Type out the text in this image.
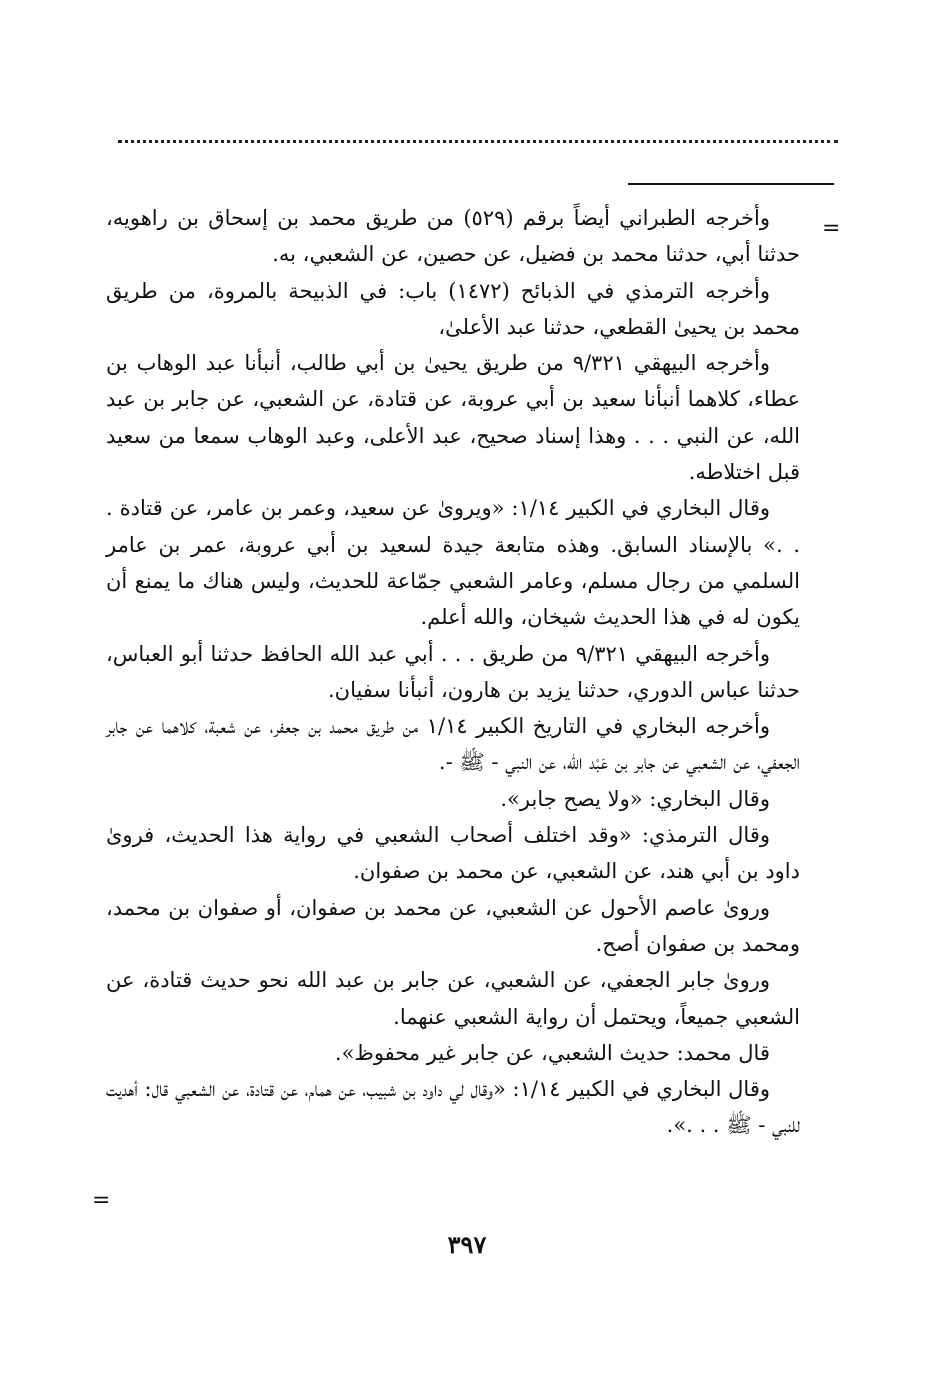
=

وأخرجه الطبراني أيضاً برقم (٥٢٩) من طريق محمد بن إسحاق بن راهويه، حدثنا أبي، حدثنا محمد بن فضيل، عن حصين، عن الشعبي، به.

وأخرجه الترمذي في الذبائح (١٤٧٢) باب: في الذبيحة بالمروة، من طريق محمد بن يحيىٰ القطعي، حدثنا عبد الأعلىٰ،

وأخرجه البيهقي ٩/٣٢١ من طريق يحيىٰ بن أبي طالب، أنبأنا عبد الوهاب بن عطاء، كلاهما أنبأنا سعيد بن أبي عروبة، عن قتادة، عن الشعبي، عن جابر بن عبد الله، عن النبي . . . وهذا إسناد صحيح، عبد الأعلى، وعبد الوهاب سمعا من سعيد قبل اختلاطه.

وقال البخاري في الكبير ١/١٤: «ويروىٰ عن سعيد، وعمر بن عامر، عن قتادة . . .» بالإسناد السابق. وهذه متابعة جيدة لسعيد بن أبي عروبة، عمر بن عامر السلمي من رجال مسلم، وعامر الشعبي جمّاعة للحديث، وليس هناك ما يمنع أن يكون له في هذا الحديث شيخان، والله أعلم.

وأخرجه البيهقي ٩/٣٢١ من طريق . . . أبي عبد الله الحافظ حدثنا أبو العباس، حدثنا عباس الدوري، حدثنا يزيد بن هارون، أنبأنا سفيان.

وأخرجه البخاري في التاريخ الكبير ١/١٤ من طريق محمد بن جعفر، عن شعبة، كلاهما عن جابر الجعفي، عن الشعبي عن جابر بن عَبْد الله، عن النبي - ﷺ -.

وقال البخاري: «ولا يصح جابر».

وقال الترمذي: «وقد اختلف أصحاب الشعبي في رواية هذا الحديث، فروىٰ داود بن أبي هند، عن الشعبي، عن محمد بن صفوان.

وروىٰ عاصم الأحول عن الشعبي، عن محمد بن صفوان، أو صفوان بن محمد، ومحمد بن صفوان أصح.

وروىٰ جابر الجعفي، عن الشعبي، عن جابر بن عبد الله نحو حديث قتادة، عن الشعبي جميعاً، ويحتمل أن رواية الشعبي عنهما.

قال محمد: حديث الشعبي، عن جابر غير محفوظ».

وقال البخاري في الكبير ١/١٤: «وقال لي داود بن شبيب، عن همام، عن قتادة، عن الشعبي قال: أهديت للنبي - ﷺ . . .».

=
٣٩٧
